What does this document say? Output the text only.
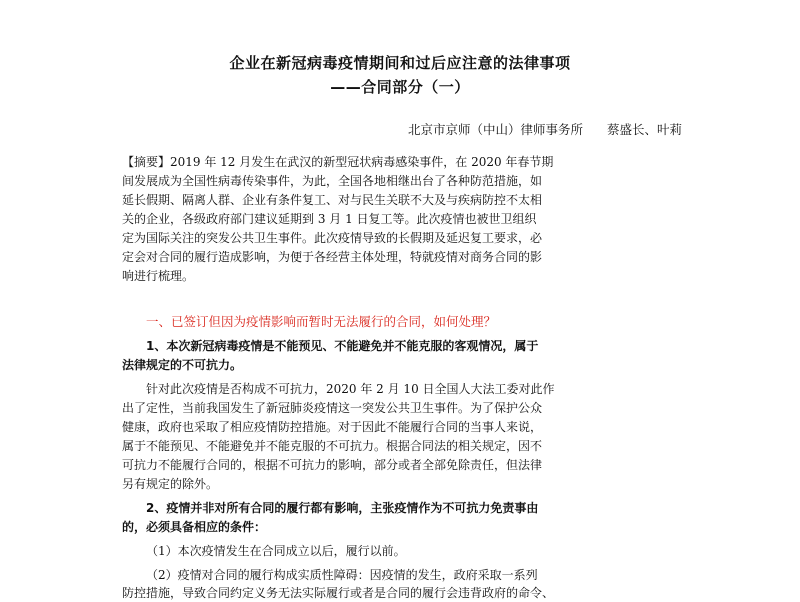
企业在新冠病毒疫情期间和过后应注意的法律事项
——合同部分（一）
北京市京师（中山）律师事务所 蔡盛长、叶莉
【摘要】2019 年 12 月发生在武汉的新型冠状病毒感染事件，在 2020 年春节期
间发展成为全国性病毒传染事件，为此，全国各地相继出台了各种防范措施，如
延长假期、隔离人群、企业有条件复工、对与民生关联不大及与疾病防控不太相
关的企业，各级政府部门建议延期到 3 月 1 日复工等。此次疫情也被世卫组织
定为国际关注的突发公共卫生事件。此次疫情导致的长假期及延迟复工要求，必
定会对合同的履行造成影响，为便于各经营主体处理，特就疫情对商务合同的影
响进行梳理。
一、已签订但因为疫情影响而暂时无法履行的合同，如何处理？
1、本次新冠病毒疫情是不能预见、不能避免并不能克服的客观情况，属于
法律规定的不可抗力。
针对此次疫情是否构成不可抗力，2020 年 2 月 10 日全国人大法工委对此作
出了定性，当前我国发生了新冠肺炎疫情这一突发公共卫生事件。为了保护公众
健康，政府也采取了相应疫情防控措施。对于因此不能履行合同的当事人来说，
属于不能预见、不能避免并不能克服的不可抗力。根据合同法的相关规定，因不
可抗力不能履行合同的，根据不可抗力的影响，部分或者全部免除责任，但法律
另有规定的除外。
2、疫情并非对所有合同的履行都有影响，主张疫情作为不可抗力免责事由
的，必须具备相应的条件：
（1）本次疫情发生在合同成立以后，履行以前。
（2）疫情对合同的履行构成实质性障碍：因疫情的发生，政府采取一系列
防控措施，导致合同约定义务无法实际履行或者是合同的履行会违背政府的命令、
